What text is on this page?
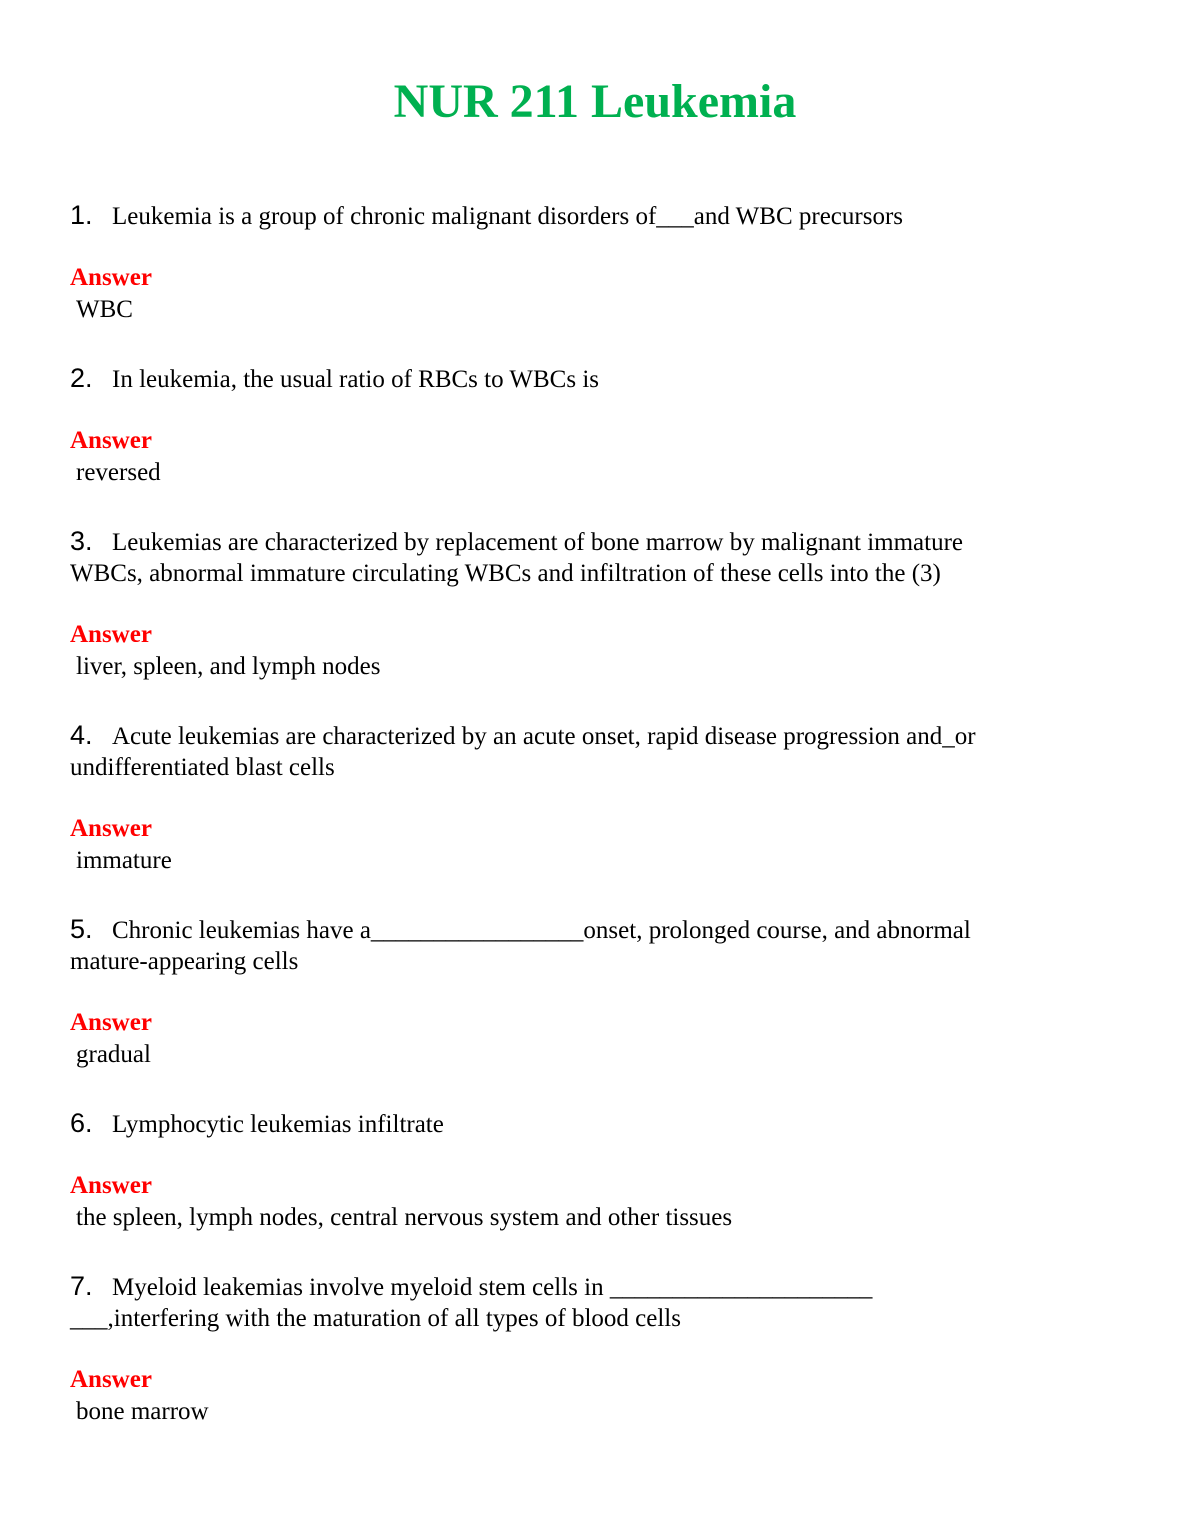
NUR 211 Leukemia

1. Leukemia is a group of chronic malignant disorders of___and WBC precursors

Answer

WBC

2. In leukemia, the usual ratio of RBCs to WBCs is

Answer

reversed

3. Leukemias are characterized by replacement of bone marrow by malignant immature
WBCs, abnormal immature circulating WBCs and infiltration of these cells into the (3)

Answer

liver, spleen, and lymph nodes

4. Acute leukemias are characterized by an acute onset, rapid disease progression and_or
undifferentiated blast cells

Answer

immature

5. Chronic leukemias have a_________________onset, prolonged course, and abnormal
mature-appearing cells

Answer

gradual

6. Lymphocytic leukemias infiltrate

Answer

the spleen, lymph nodes, central nervous system and other tissues

7. Myeloid leakemias involve myeloid stem cells in _____________________
___,interfering with the maturation of all types of blood cells

Answer

bone marrow
